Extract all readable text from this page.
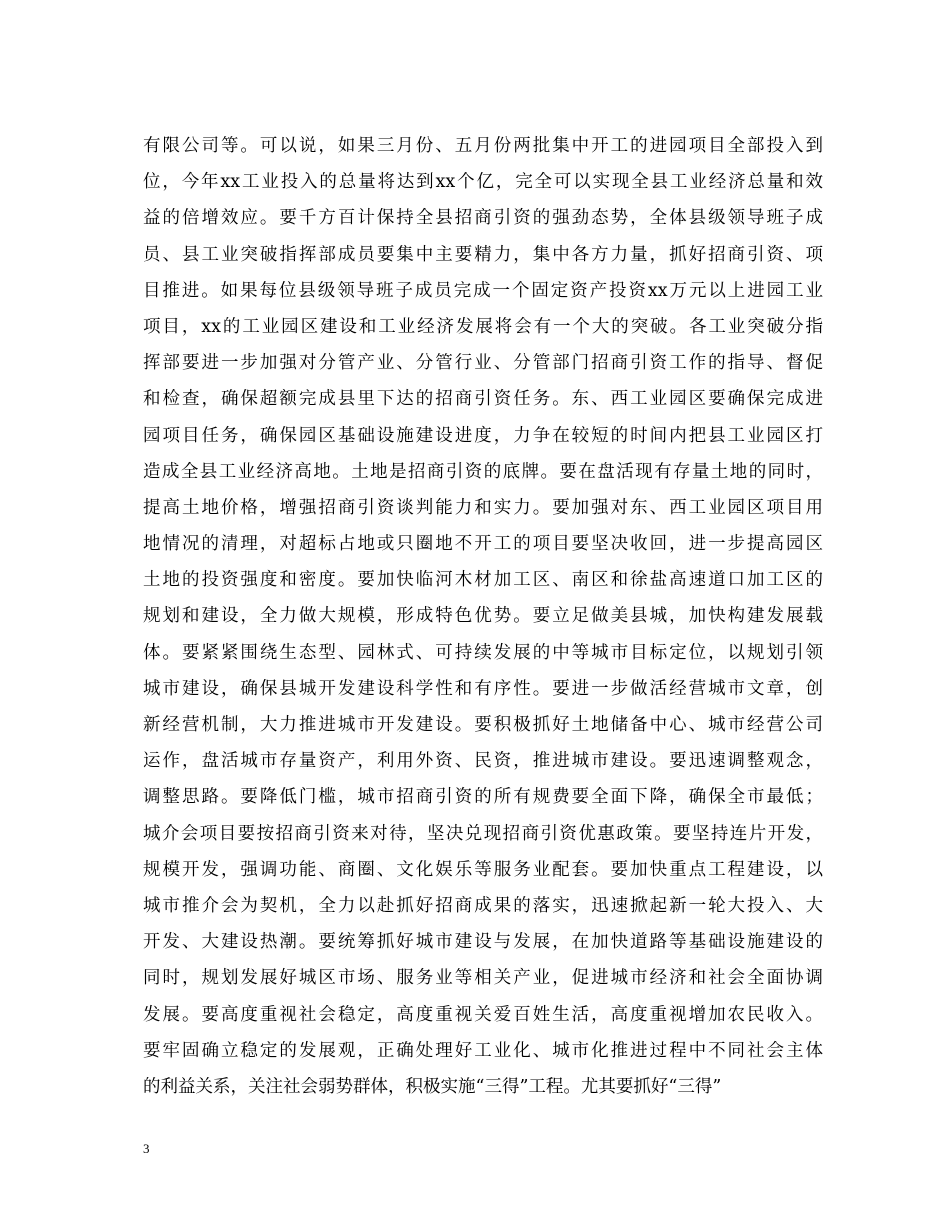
有限公司等。可以说，如果三月份、五月份两批集中开工的进园项目全部投入到
位，今年xx工业投入的总量将达到xx个亿，完全可以实现全县工业经济总量和效
益的倍增效应。要千方百计保持全县招商引资的强劲态势，全体县级领导班子成
员、县工业突破指挥部成员要集中主要精力，集中各方力量，抓好招商引资、项
目推进。如果每位县级领导班子成员完成一个固定资产投资xx万元以上进园工业
项目，xx的工业园区建设和工业经济发展将会有一个大的突破。各工业突破分指
挥部要进一步加强对分管产业、分管行业、分管部门招商引资工作的指导、督促
和检查，确保超额完成县里下达的招商引资任务。东、西工业园区要确保完成进
园项目任务，确保园区基础设施建设进度，力争在较短的时间内把县工业园区打
造成全县工业经济高地。土地是招商引资的底牌。要在盘活现有存量土地的同时，
提高土地价格，增强招商引资谈判能力和实力。要加强对东、西工业园区项目用
地情况的清理，对超标占地或只圈地不开工的项目要坚决收回，进一步提高园区
土地的投资强度和密度。要加快临河木材加工区、南区和徐盐高速道口加工区的
规划和建设，全力做大规模，形成特色优势。要立足做美县城，加快构建发展载
体。要紧紧围绕生态型、园林式、可持续发展的中等城市目标定位，以规划引领
城市建设，确保县城开发建设科学性和有序性。要进一步做活经营城市文章，创
新经营机制，大力推进城市开发建设。要积极抓好土地储备中心、城市经营公司
运作，盘活城市存量资产，利用外资、民资，推进城市建设。要迅速调整观念，
调整思路。要降低门槛，城市招商引资的所有规费要全面下降，确保全市最低；
城介会项目要按招商引资来对待，坚决兑现招商引资优惠政策。要坚持连片开发，
规模开发，强调功能、商圈、文化娱乐等服务业配套。要加快重点工程建设，以
城市推介会为契机，全力以赴抓好招商成果的落实，迅速掀起新一轮大投入、大
开发、大建设热潮。要统筹抓好城市建设与发展，在加快道路等基础设施建设的
同时，规划发展好城区市场、服务业等相关产业，促进城市经济和社会全面协调
发展。要高度重视社会稳定，高度重视关爱百姓生活，高度重视增加农民收入。
要牢固确立稳定的发展观，正确处理好工业化、城市化推进过程中不同社会主体
的利益关系，关注社会弱势群体，积极实施“三得”工程。尤其要抓好“三得”
3
